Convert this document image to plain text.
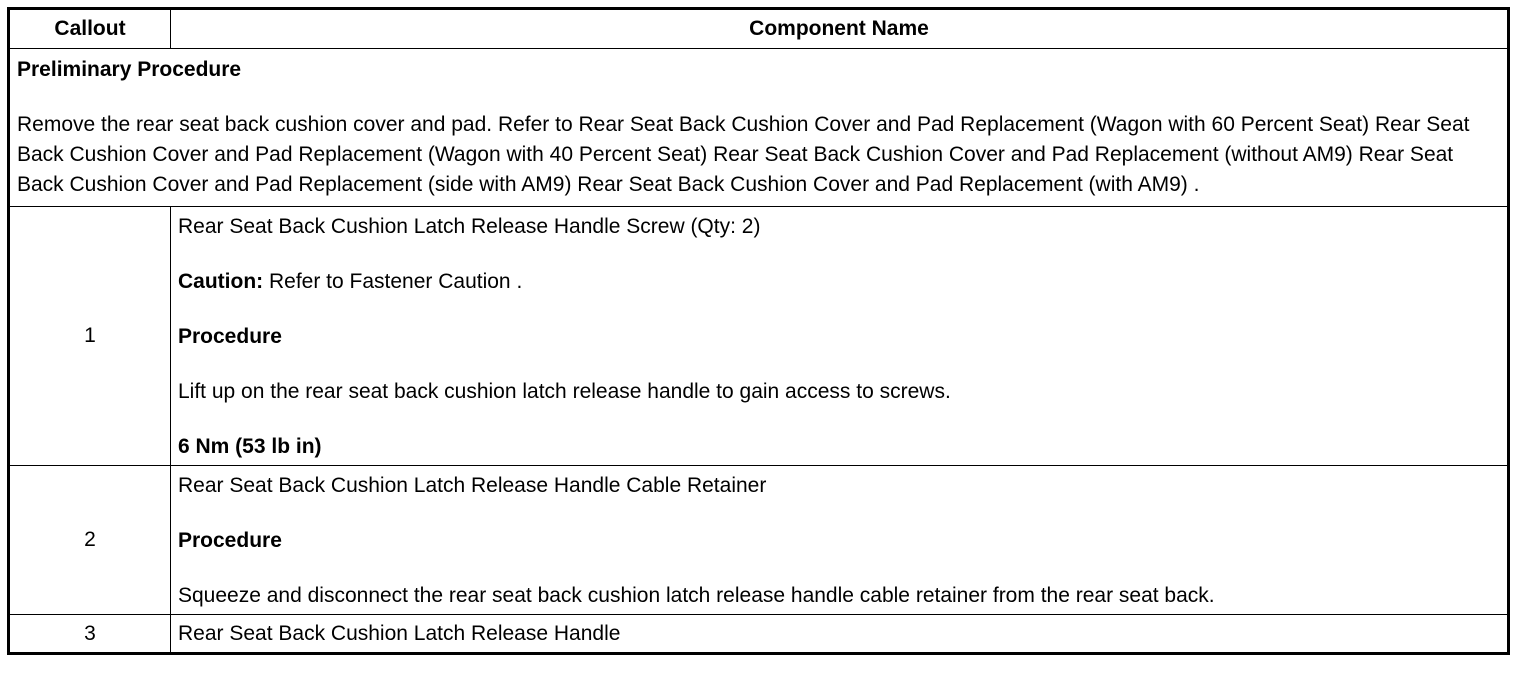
Callout	Component Name

Preliminary Procedure

Remove the rear seat back cushion cover and pad. Refer to Rear Seat Back Cushion Cover and Pad Replacement (Wagon with 60 Percent Seat) Rear Seat Back Cushion Cover and Pad Replacement (Wagon with 40 Percent Seat) Rear Seat Back Cushion Cover and Pad Replacement (without AM9) Rear Seat Back Cushion Cover and Pad Replacement (side with AM9) Rear Seat Back Cushion Cover and Pad Replacement (with AM9) .	

1	Rear Seat Back Cushion Latch Release Handle Screw (Qty: 2)

Caution: Refer to Fastener Caution .

Procedure

Lift up on the rear seat back cushion latch release handle to gain access to screws.

6 Nm (53 lb in)

2	Rear Seat Back Cushion Latch Release Handle Cable Retainer

Procedure

Squeeze and disconnect the rear seat back cushion latch release handle cable retainer from the rear seat back.

3	Rear Seat Back Cushion Latch Release Handle
